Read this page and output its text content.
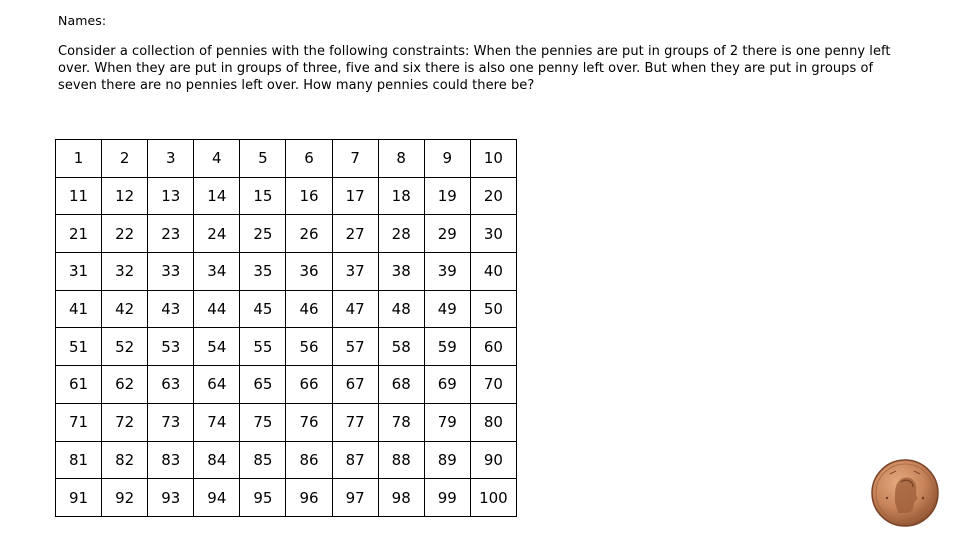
Names:
Consider a collection of pennies with the following constraints: When the pennies are put in groups of 2 there is one penny left over. When they are put in groups of three, five and six there is also one penny left over. But when they are put in groups of seven there are no pennies left over. How many pennies could there be?
1	2	3	4	5	6	7	8	9	10
11	12	13	14	15	16	17	18	19	20
21	22	23	24	25	26	27	28	29	30
31	32	33	34	35	36	37	38	39	40
41	42	43	44	45	46	47	48	49	50
51	52	53	54	55	56	57	58	59	60
61	62	63	64	65	66	67	68	69	70
71	72	73	74	75	76	77	78	79	80
81	82	83	84	85	86	87	88	89	90
91	92	93	94	95	96	97	98	99	100
